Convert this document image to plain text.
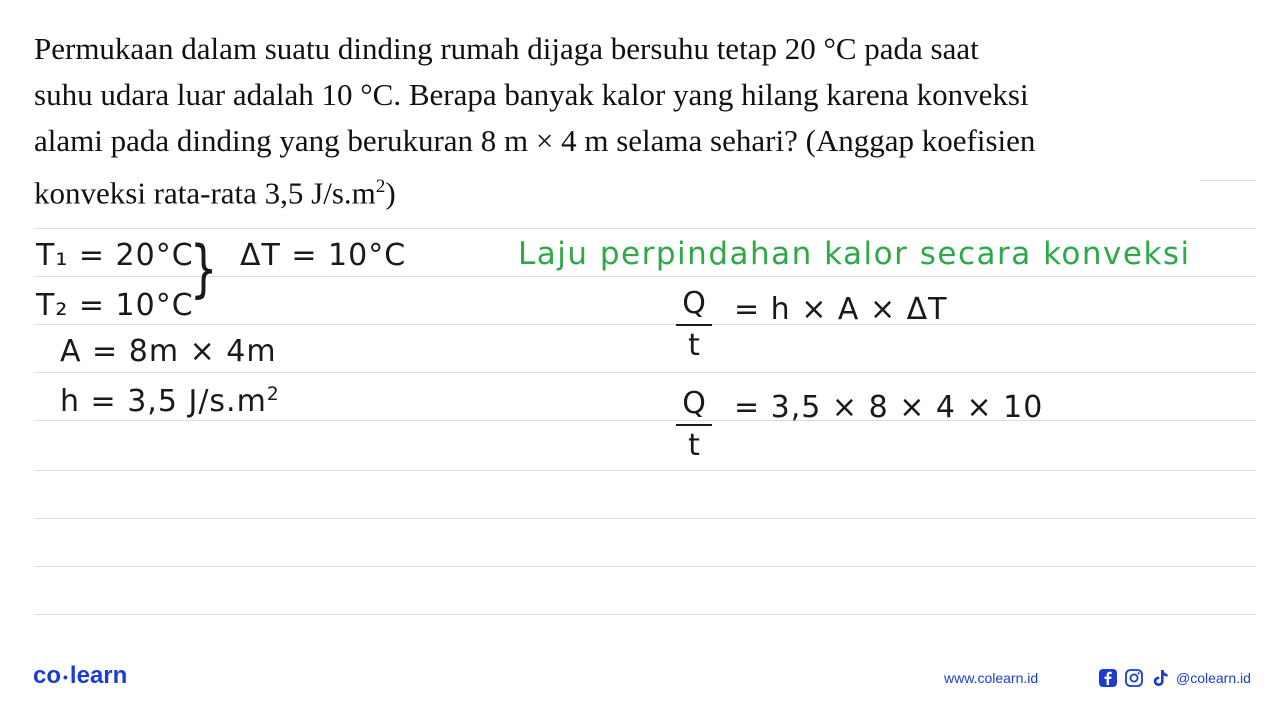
Permukaan dalam suatu dinding rumah dijaga bersuhu tetap 20 °C pada saat
suhu udara luar adalah 10 °C. Berapa banyak kalor yang hilang karena konveksi
alami pada dinding yang berukuran 8 m × 4 m selama sehari? (Anggap koefisien
konveksi rata-rata 3,5 $J/s.m^2$)
T₁ = 20°C
} ΔT = 10°C
T₂ = 10°C
A = 8m × 4m
h = 3,5 $J/s.m^2$
Laju perpindahan kalor secara konveksi
Q
t
= h × A × ΔT
Q
t
= 3,5 × 8 × 4 × 10
co •learn	www.colearn.id	@colearn.id
